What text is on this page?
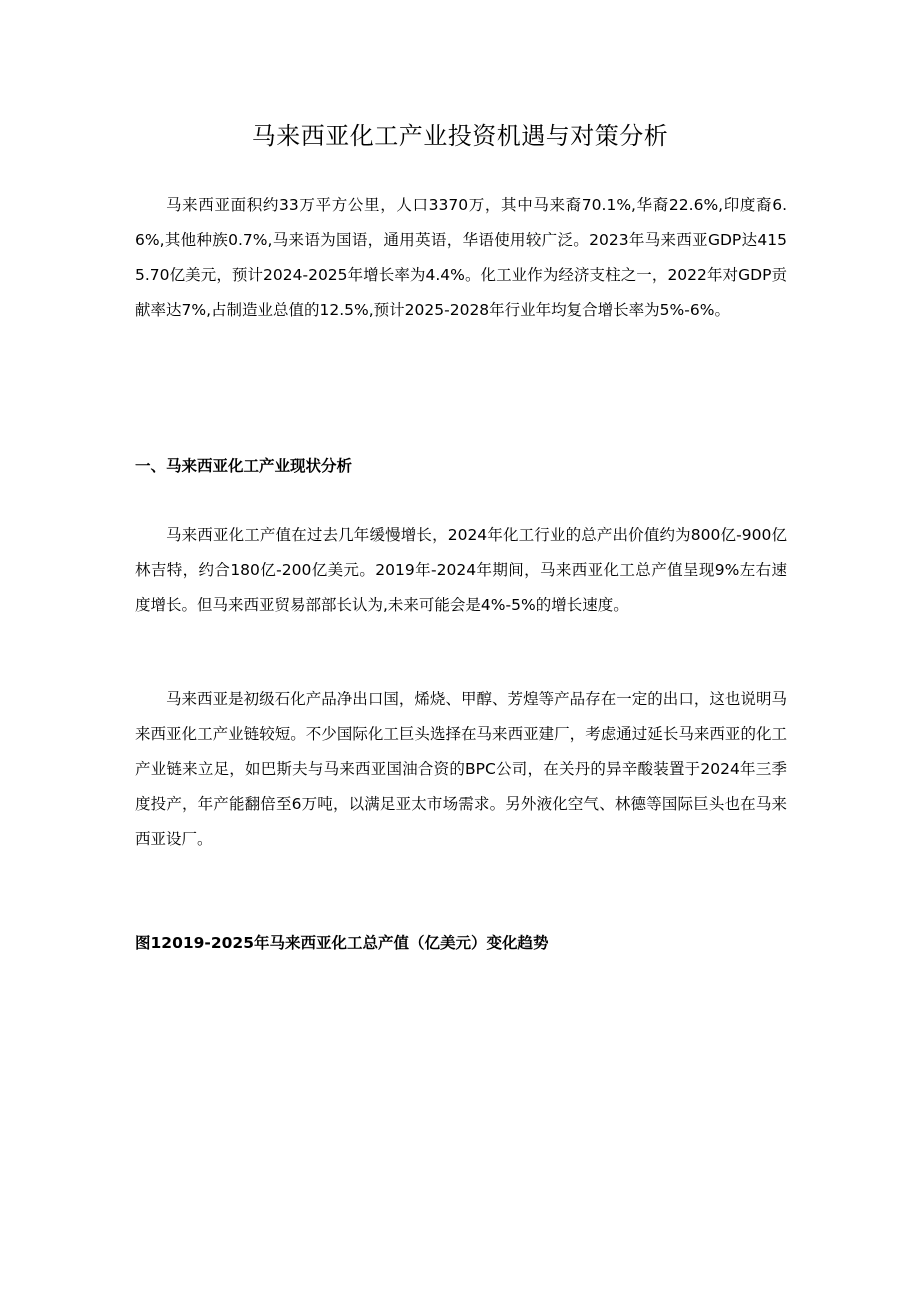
马来西亚化工产业投资机遇与对策分析

马来西亚面积约33万平方公里，人口3370万，其中马来裔70.1%,华裔22.6%,印度裔6.6%,其他种族0.7%,马来语为国语，通用英语，华语使用较广泛。2023年马来西亚GDP达4155.70亿美元，预计2024-2025年增长率为4.4%。化工业作为经济支柱之一，2022年对GDP贡献率达7%,占制造业总值的12.5%,预计2025-2028年行业年均复合增长率为5%-6%。

一、马来西亚化工产业现状分析

马来西亚化工产值在过去几年缓慢增长，2024年化工行业的总产出价值约为800亿-900亿林吉特，约合180亿-200亿美元。2019年-2024年期间，马来西亚化工总产值呈现9%左右速度增长。但马来西亚贸易部部长认为,未来可能会是4%-5%的增长速度。

马来西亚是初级石化产品净出口国，烯烧、甲醇、芳煌等产品存在一定的出口，这也说明马来西亚化工产业链较短。不少国际化工巨头选择在马来西亚建厂，考虑通过延长马来西亚的化工产业链来立足，如巴斯夫与马来西亚国油合资的BPC公司，在关丹的异辛酸装置于2024年三季度投产，年产能翻倍至6万吨，以满足亚太市场需求。另外液化空气、林德等国际巨头也在马来西亚设厂。

图12019-2025年马来西亚化工总产值（亿美元）变化趋势
